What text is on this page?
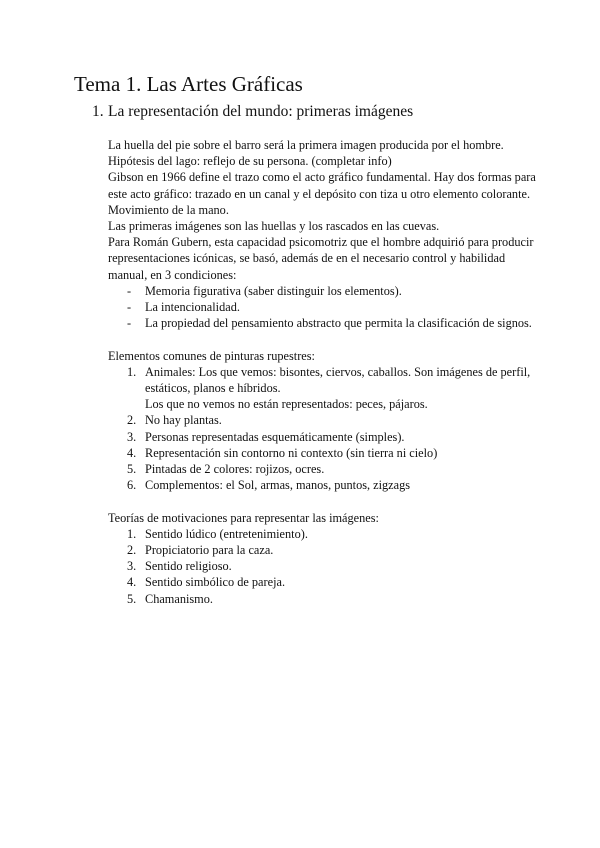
Tema 1. Las Artes Gráficas
1. La representación del mundo: primeras imágenes

La huella del pie sobre el barro será la primera imagen producida por el hombre.

Hipótesis del lago: reflejo de su persona. (completar info)

Gibson en 1966 define el trazo como el acto gráfico fundamental. Hay dos formas para este acto gráfico: trazado en un canal y el depósito con tiza u otro elemento colorante.

Movimiento de la mano.

Las primeras imágenes son las huellas y los rascados en las cuevas.

Para Román Gubern, esta capacidad psicomotriz que el hombre adquirió para producir representaciones icónicas, se basó, además de en el necesario control y habilidad manual, en 3 condiciones:

- Memoria figurativa (saber distinguir los elementos).
- La intencionalidad.
- La propiedad del pensamiento abstracto que permita la clasificación de signos.

Elementos comunes de pinturas rupestres:

1. Animales: Los que vemos: bisontes, ciervos, caballos. Son imágenes de perfil, estáticos, planos e híbridos.
Los que no vemos no están representados: peces, pájaros.
2. No hay plantas.
3. Personas representadas esquemáticamente (simples).
4. Representación sin contorno ni contexto (sin tierra ni cielo)
5. Pintadas de 2 colores: rojizos, ocres.
6. Complementos: el Sol, armas, manos, puntos, zigzags

Teorías de motivaciones para representar las imágenes:

1. Sentido lúdico (entretenimiento).
2. Propiciatorio para la caza.
3. Sentido religioso.
4. Sentido simbólico de pareja.
5. Chamanismo.
